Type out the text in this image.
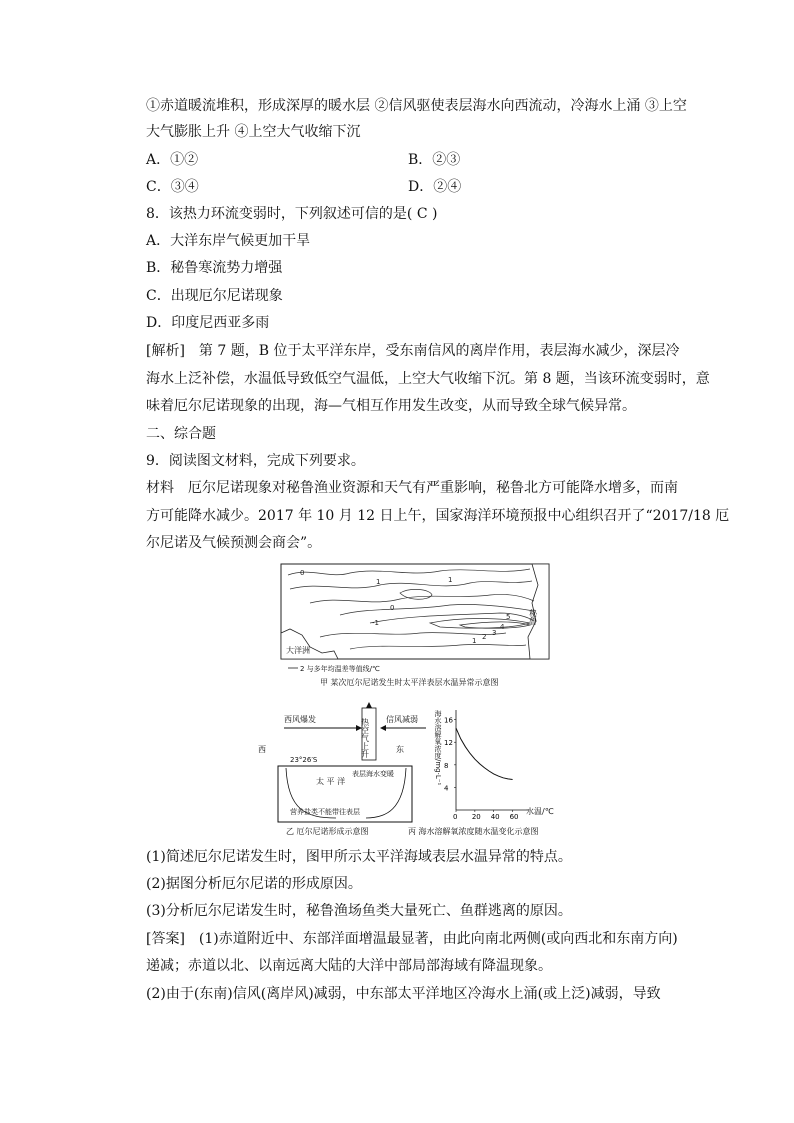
①赤道暖流堆积，形成深厚的暖水层 ②信风驱使表层海水向西流动，冷海水上涌 ③上空
大气膨胀上升 ④上空大气收缩下沉
A．①②	B．②③
C．③④	D．②④
8．该热力环流变弱时，下列叙述可信的是( C )
A．大洋东岸气候更加干旱
B．秘鲁寒流势力增强
C．出现厄尔尼诺现象
D．印度尼西亚多雨
[解析]　第 7 题，B 位于太平洋东岸，受东南信风的离岸作用，表层海水减少，深层冷
海水上泛补偿，水温低导致低空气温低，上空大气收缩下沉。第 8 题，当该环流变弱时，意
味着厄尔尼诺现象的出现，海—气相互作用发生改变，从而导致全球气候异常。
二、综合题
9．阅读图文材料，完成下列要求。
材料　厄尔尼诺现象对秘鲁渔业资源和天气有严重影响，秘鲁北方可能降水增多，而南
方可能降水减少。2017 年 10 月 12 日上午，国家海洋环境预报中心组织召开了“2017/18 厄
尔尼诺及气候预测会商会”。
0
1	1
0
-1
1 2 3
4
5
大洋洲
秘鲁
2 与多年均温差等值线/℃
甲 某次厄尔尼诺发生时太平洋表层水温异常示意图
西风爆发	热空气上升 信风减弱
西	东
23°26′S
太 平 洋
表层海水变暖
营养盐类不能带往表层
乙 厄尔尼诺形成示意图
海水溶解氧浓度/mg·L⁻¹
0 20 40 60
4
8
12
16
水温/℃
丙 海水溶解氧浓度随水温变化示意图
(1)简述厄尔尼诺发生时，图甲所示太平洋海域表层水温异常的特点。
(2)据图分析厄尔尼诺的形成原因。
(3)分析厄尔尼诺发生时，秘鲁渔场鱼类大量死亡、鱼群逃离的原因。
[答案]　(1)赤道附近中、东部洋面增温最显著，由此向南北两侧(或向西北和东南方向)
递减；赤道以北、以南远离大陆的大洋中部局部海域有降温现象。
(2)由于(东南)信风(离岸风)减弱，中东部太平洋地区冷海水上涌(或上泛)减弱，导致
